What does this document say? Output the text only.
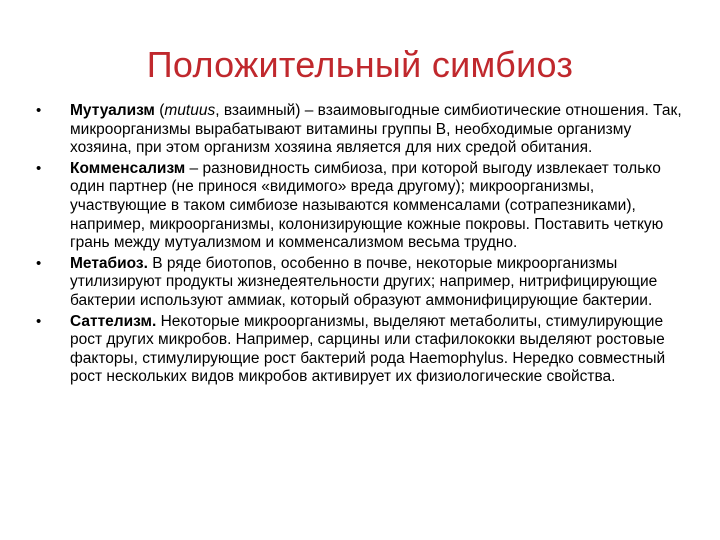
Положительный симбиоз
• Мутуализм (mutuus, взаимный) – взаимовыгодные симбиотические отношения. Так, микроорганизмы вырабатывают витамины группы В, необходимые организму хозяина, при этом организм хозяина является для них средой обитания.
• Комменсализм – разновидность симбиоза, при которой выгоду извлекает только один партнер (не принося «видимого» вреда другому); микроорганизмы, участвующие в таком симбиозе называются комменсалами (сотрапезниками), например, микроорганизмы, колонизирующие кожные покровы. Поставить четкую грань между мутуализмом и комменсализмом весьма трудно.
• Метабиоз. В ряде биотопов, особенно в почве, некоторые микроорганизмы утилизируют продукты жизнедеятельности других; например, нитрифицирующие бактерии используют аммиак, который образуют аммонифицирующие бактерии.
• Саттелизм. Некоторые микроорганизмы, выделяют метаболиты, стимулирующие рост других микробов. Например, сарцины или стафилококки выделяют ростовые факторы, стимулирующие рост бактерий рода Haemophylus. Нередко совместный рост нескольких видов микробов активирует их физиологические свойства.
